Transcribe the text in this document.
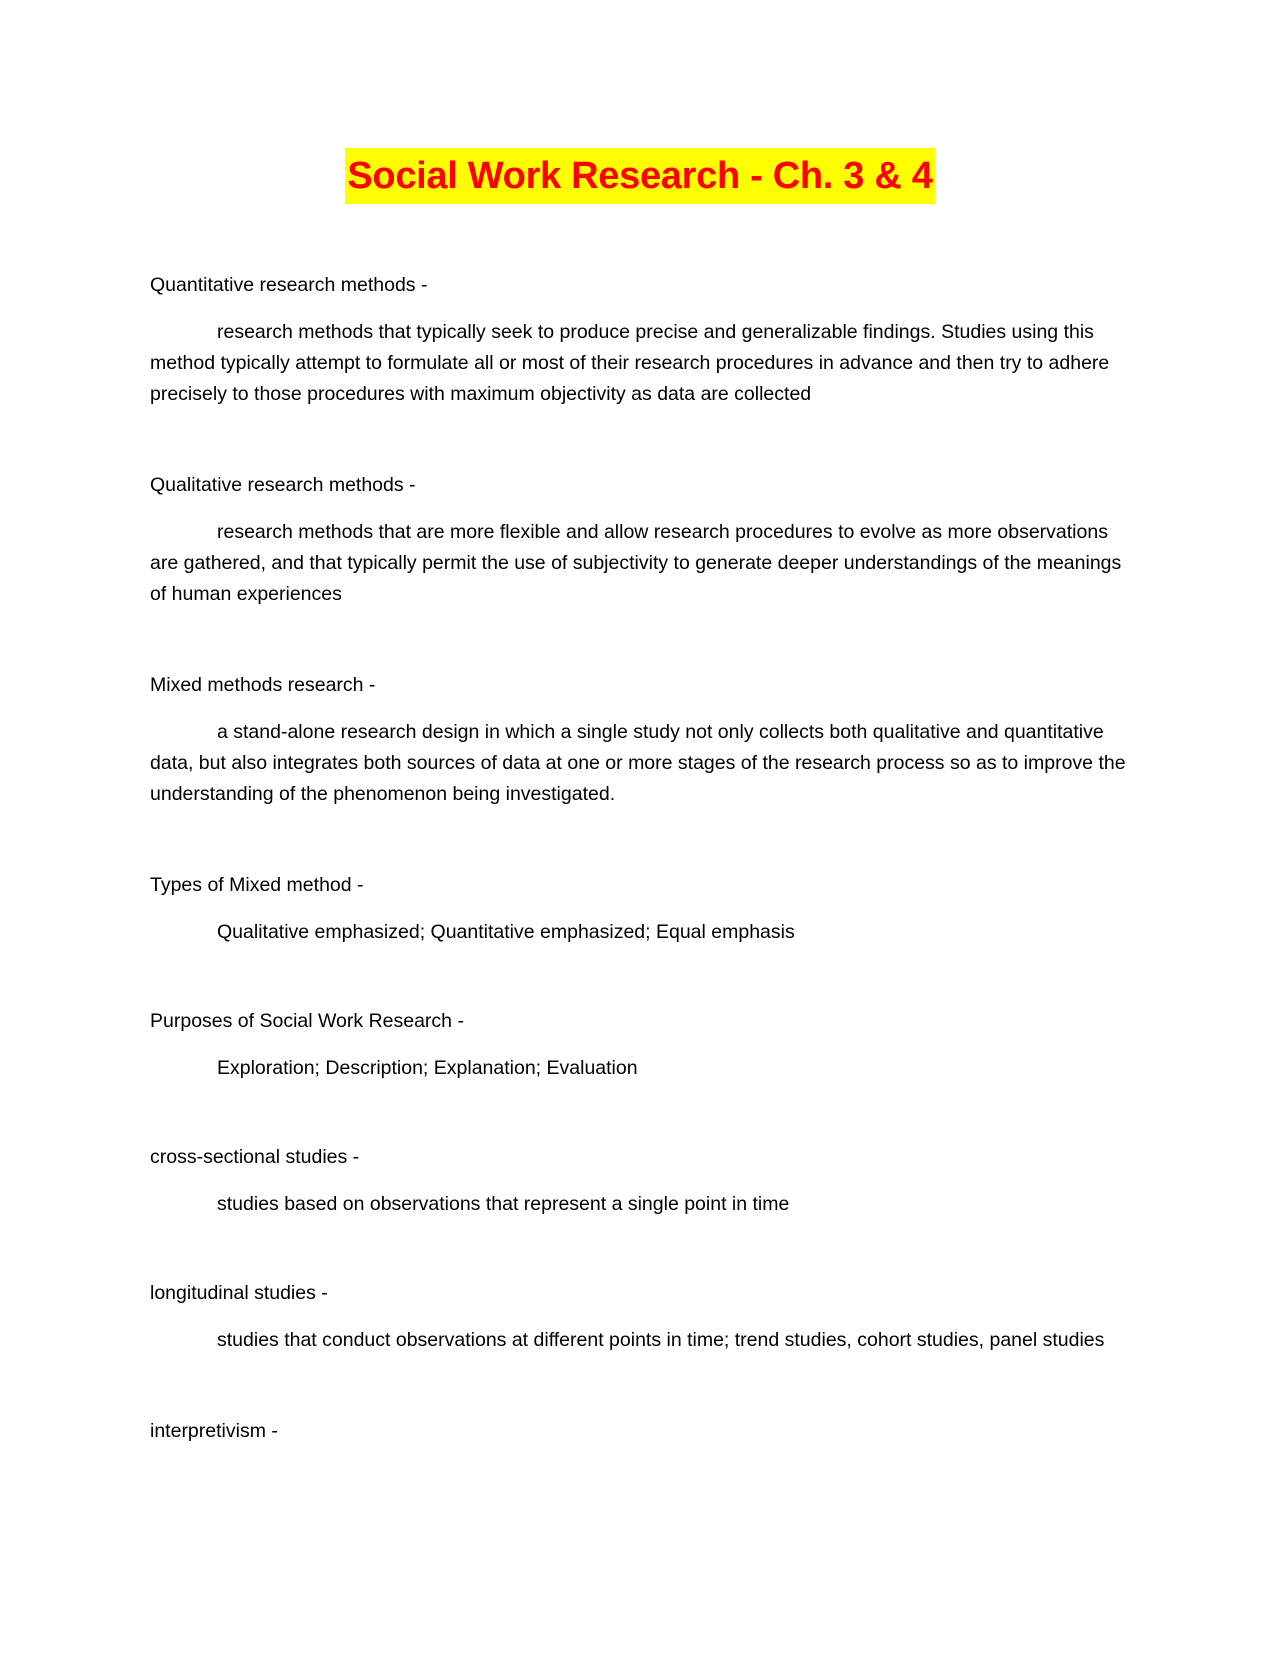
Social Work Research - Ch. 3 & 4

Quantitative research methods -

research methods that typically seek to produce precise and generalizable findings. Studies using this method typically attempt to formulate all or most of their research procedures in advance and then try to adhere precisely to those procedures with maximum objectivity as data are collected

Qualitative research methods -

research methods that are more flexible and allow research procedures to evolve as more observations are gathered, and that typically permit the use of subjectivity to generate deeper understandings of the meanings of human experiences

Mixed methods research -

a stand-alone research design in which a single study not only collects both qualitative and quantitative data, but also integrates both sources of data at one or more stages of the research process so as to improve the understanding of the phenomenon being investigated.

Types of Mixed method -

Qualitative emphasized; Quantitative emphasized; Equal emphasis

Purposes of Social Work Research -

Exploration; Description; Explanation; Evaluation

cross-sectional studies -

studies based on observations that represent a single point in time

longitudinal studies -

studies that conduct observations at different points in time; trend studies, cohort studies, panel studies

interpretivism -
